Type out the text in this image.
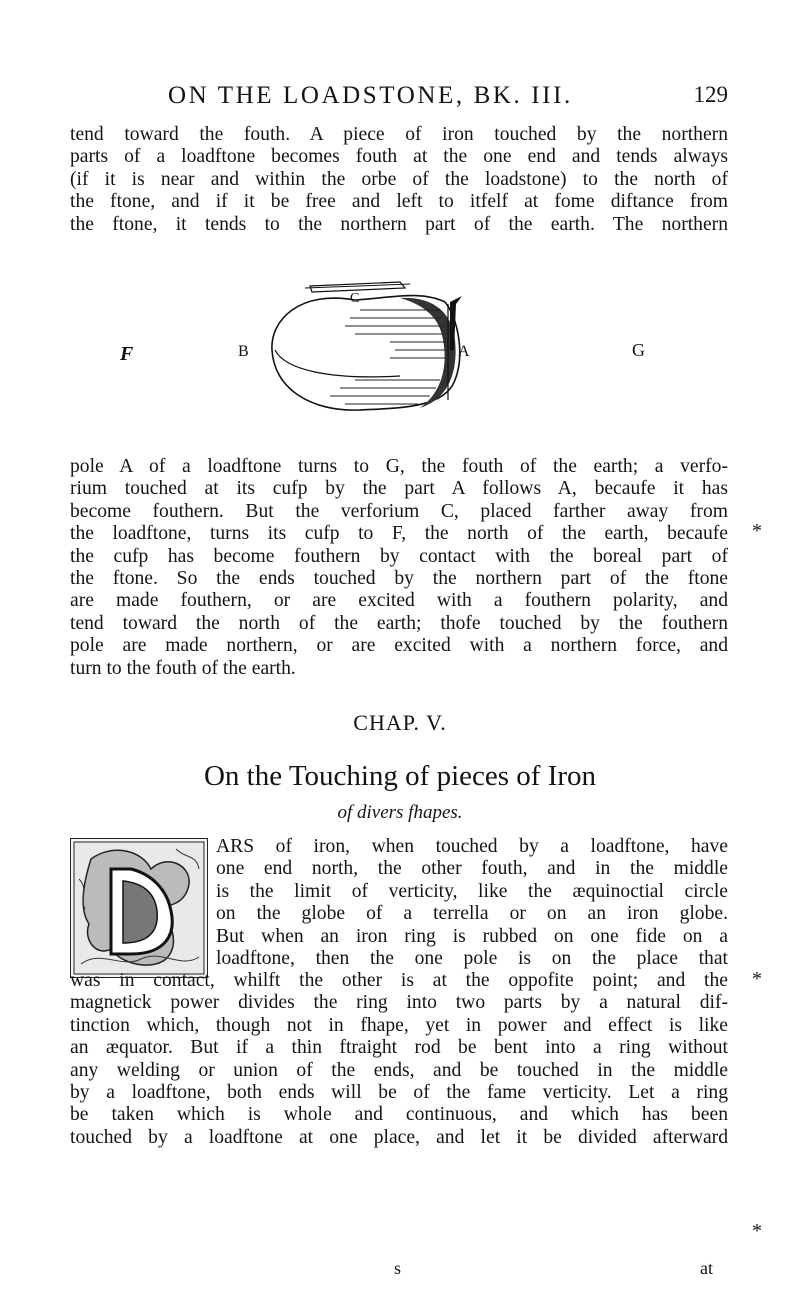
ON THE LOADSTONE, BK. III.	129
tend toward the fouth. A piece of iron touched by the northern
parts of a loadftone becomes fouth at the one end and tends always
(if it is near and within the orbe of the loadstone) to the north of
the ftone, and if it be free and left to itfelf at fome diftance from
the ftone, it tends to the northern part of the earth. The northern
C
F	B	A	G
pole A of a loadftone turns to G, the fouth of the earth; a verfo-
rium touched at its cufp by the part A follows A, becaufe it has
become fouthern. But the verforium C, placed farther away from
the loadftone, turns its cufp to F, the north of the earth, becaufe
the cufp has become fouthern by contact with the boreal part of
the ftone. So the ends touched by the northern part of the ftone
are made fouthern, or are excited with a fouthern polarity, and
tend toward the north of the earth; thofe touched by the fouthern
pole are made northern, or are excited with a northern force, and
turn to the fouth of the earth.
*
CHAP. V.
On the Touching of pieces of Iron
of divers fhapes.
ARS of iron, when touched by a loadftone, have
one end north, the other fouth, and in the middle
is the limit of verticity, like the æquinoctial circle
on the globe of a terrella or on an iron globe.
But when an iron ring is rubbed on one fide on a
loadftone, then the one pole is on the place that
*
was in contact, whilft the other is at the oppofite point; and the
magnetick power divides the ring into two parts by a natural dif-
tinction which, though not in fhape, yet in power and effect is like
an æquator. But if a thin ftraight rod be bent into a ring without
any welding or union of the ends, and be touched in the middle
by a loadftone, both ends will be of the fame verticity. Let a ring
be taken which is whole and continuous, and which has been
touched by a loadftone at one place, and let it be divided afterward
*
s	at
